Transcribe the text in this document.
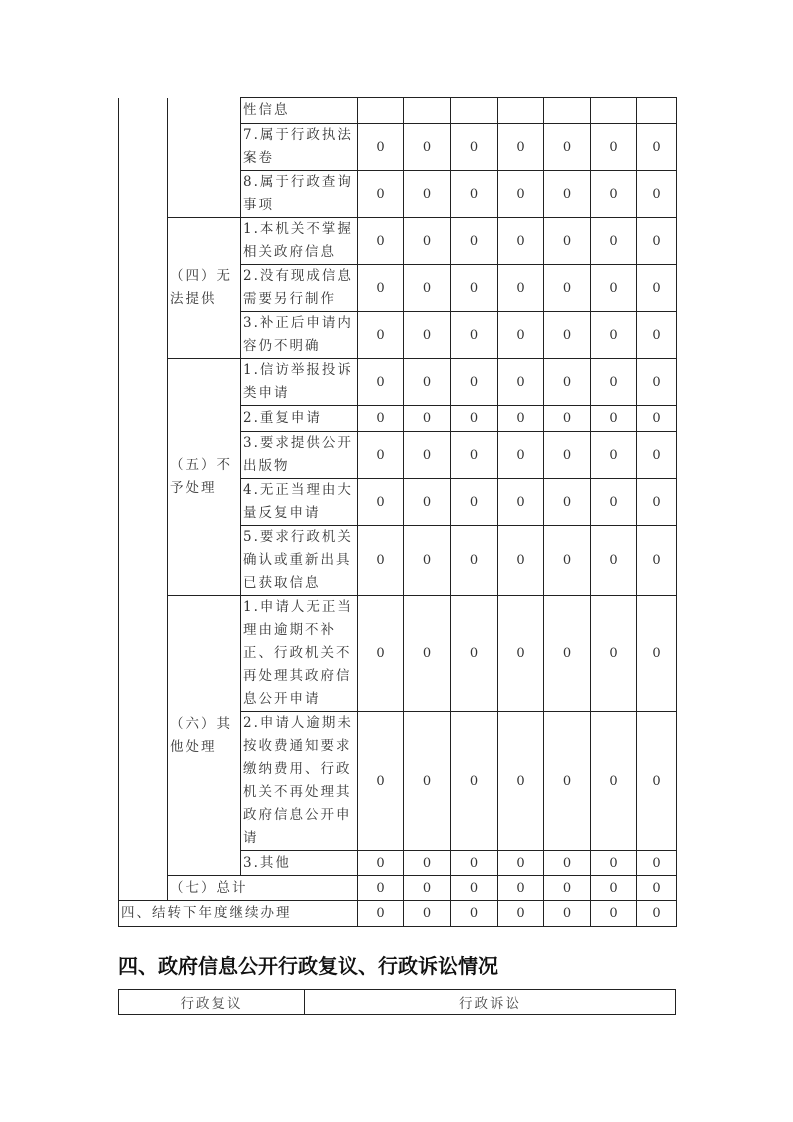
		性信息							
		7.属于行政执法案卷	0	0	0	0	0	0	0
		8.属于行政查询事项	0	0	0	0	0	0	0
	（四）无法提供	1.本机关不掌握相关政府信息	0	0	0	0	0	0	0
		2.没有现成信息需要另行制作	0	0	0	0	0	0	0
		3.补正后申请内容仍不明确	0	0	0	0	0	0	0
	（五）不予处理	1.信访举报投诉类申请	0	0	0	0	0	0	0
		2.重复申请	0	0	0	0	0	0	0
		3.要求提供公开出版物	0	0	0	0	0	0	0
		4.无正当理由大量反复申请	0	0	0	0	0	0	0
		5.要求行政机关确认或重新出具已获取信息	0	0	0	0	0	0	0
	（六）其他处理	1.申请人无正当理由逾期不补正、行政机关不再处理其政府信息公开申请	0	0	0	0	0	0	0
		2.申请人逾期未按收费通知要求缴纳费用、行政机关不再处理其政府信息公开申请	0	0	0	0	0	0	0
		3.其他	0	0	0	0	0	0	0
	（七）总计		0	0	0	0	0	0	0
四、结转下年度继续办理			0	0	0	0	0	0	0
四、政府信息公开行政复议、行政诉讼情况
行政复议	行政诉讼
